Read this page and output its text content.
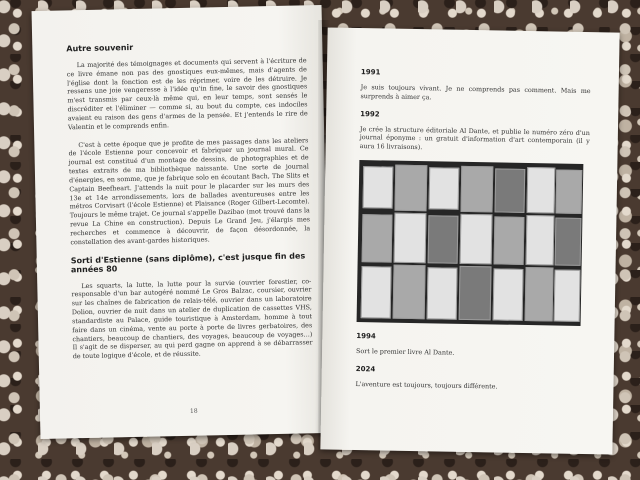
Autre souvenir

La majorité des témoignages et documents qui servent à l'écriture de ce livre émane non pas des gnostiques eux-mêmes, mais d'agents de l'église dont la fonction est de les réprimer, voire de les détruire. Je ressens une joie vengeresse à l'idée qu'in fine, le savoir des gnostiques m'est transmis par ceux-là même qui, en leur temps, sont sensés le discréditer et l'éliminer — comme si, au bout du compte, ces indociles avaient eu raison des gens d'armes de la pensée. Et j'entends le rire de Valentin et le comprends enfin.

C'est à cette époque que je profite de mes passages dans les ateliers de l'école Estienne pour concevoir et fabriquer un journal mural. Ce journal est constitué d'un montage de dessins, de photographies et de textes extraits de ma bibliothèque naissante. Une sorte de journal d'énergies, en somme, que je fabrique solo en écoutant Bach, The Slits et Captain Beefheart. J'attends la nuit pour le placarder sur les murs des 13e et 14e arrondissements, lors de ballades aventureuses entre les métros Corvisart (l'école Estienne) et Plaisance (Roger Gilbert-Lecomte). Toujours le même trajet. Ce journal s'appelle Dazibao (mot trouvé dans la revue La Chine en construction). Depuis Le Grand Jeu, j'élargis mes recherches et commence à découvrir, de façon désordonnée, la constellation des avant-gardes historiques.

Sorti d'Estienne (sans diplôme), c'est jusque fin des années 80

Les squarts, la lutte, la lutte pour la survie (ouvrier forestier, co-responsable d'un bar autogéré nommé Le Gros Balzac, coursier, ouvrier sur les chaînes de fabrication de relais-télé, ouvrier dans un laboratoire Dolion, ouvrier de nuit dans un atelier de duplication de cassettes VHS, standardiste au Palace, guide touristique à Amsterdam, homme à tout faire dans un cinéma, vente au porte à porte de livres gerbatoires, des chantiers, beaucoup de chantiers, des voyages, beaucoup de voyages…) Il s'agit de se disperser, au qui perd gagne on apprend à se débarrasser de toute logique d'école, et de réussite.

18
1991

Je suis toujours vivant. Je ne comprends pas comment. Mais me surprends à aimer ça.

1992

Je crée la structure éditoriale Al Dante, et publie le numéro zéro d'un journal éponyme : un gratuit d'information d'art contemporain (il y aura 16 livraisons).

1994

Sort le premier livre Al Dante.

2024

L'aventure est toujours, toujours différente.
